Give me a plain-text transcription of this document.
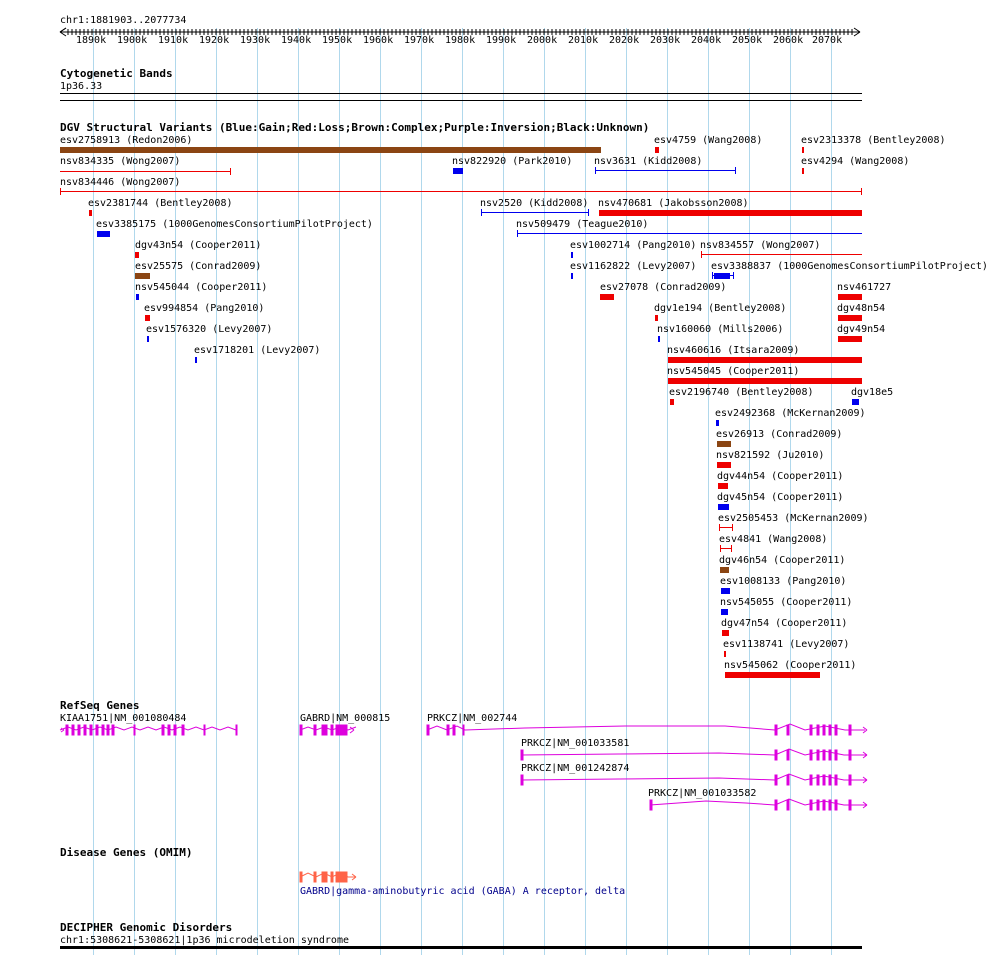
chr1:1881903..2077734
1890k 1900k 1910k 1920k 1930k 1940k 1950k 1960k 1970k 1980k 1990k 2000k 2010k 2020k 2030k 2040k 2050k 2060k 2070k
Cytogenetic Bands
1p36.33
DGV Structural Variants (Blue:Gain;Red:Loss;Brown:Complex;Purple:Inversion;Black:Unknown)
esv2758913 (Redon2006)	esv4759 (Wang2008)	esv2313378 (Bentley2008)
nsv834335 (Wong2007)	nsv822920 (Park2010) nsv3631 (Kidd2008)	esv4294 (Wang2008)
nsv834446 (Wong2007)
esv2381744 (Bentley2008)	nsv2520 (Kidd2008) nsv470681 (Jakobsson2008)
esv3385175 (1000GenomesConsortiumPilotProject)	nsv509479 (Teague2010)
dgv43n54 (Cooper2011)	esv1002714 (Pang2010) nsv834557 (Wong2007)
esv25575 (Conrad2009)	esv1162822 (Levy2007) esv3388837 (1000GenomesConsortiumPilotProject)
nsv545044 (Cooper2011)	esv27078 (Conrad2009)	nsv461727
esv994854 (Pang2010)	dgv1e194 (Bentley2008)	dgv48n54
esv1576320 (Levy2007)	nsv160060 (Mills2006)	dgv49n54
esv1718201 (Levy2007)	nsv460616 (Itsara2009)
nsv545045 (Cooper2011)
esv2196740 (Bentley2008)	dgv18e5
esv2492368 (McKernan2009)
esv26913 (Conrad2009)
nsv821592 (Ju2010)
dgv44n54 (Cooper2011)
dgv45n54 (Cooper2011)
esv2505453 (McKernan2009)
esv4841 (Wang2008)
dgv46n54 (Cooper2011)
esv1008133 (Pang2010)
nsv545055 (Cooper2011)
dgv47n54 (Cooper2011)
esv1138741 (Levy2007)
nsv545062 (Cooper2011)
RefSeq Genes
KIAA1751|NM_001080484	GABRD|NM_000815	PRKCZ|NM_002744
PRKCZ|NM_001033581
PRKCZ|NM_001242874
PRKCZ|NM_001033582
Disease Genes (OMIM)
GABRD|gamma-aminobutyric acid (GABA) A receptor, delta
DECIPHER Genomic Disorders
chr1:5308621-5308621|1p36 microdeletion syndrome
